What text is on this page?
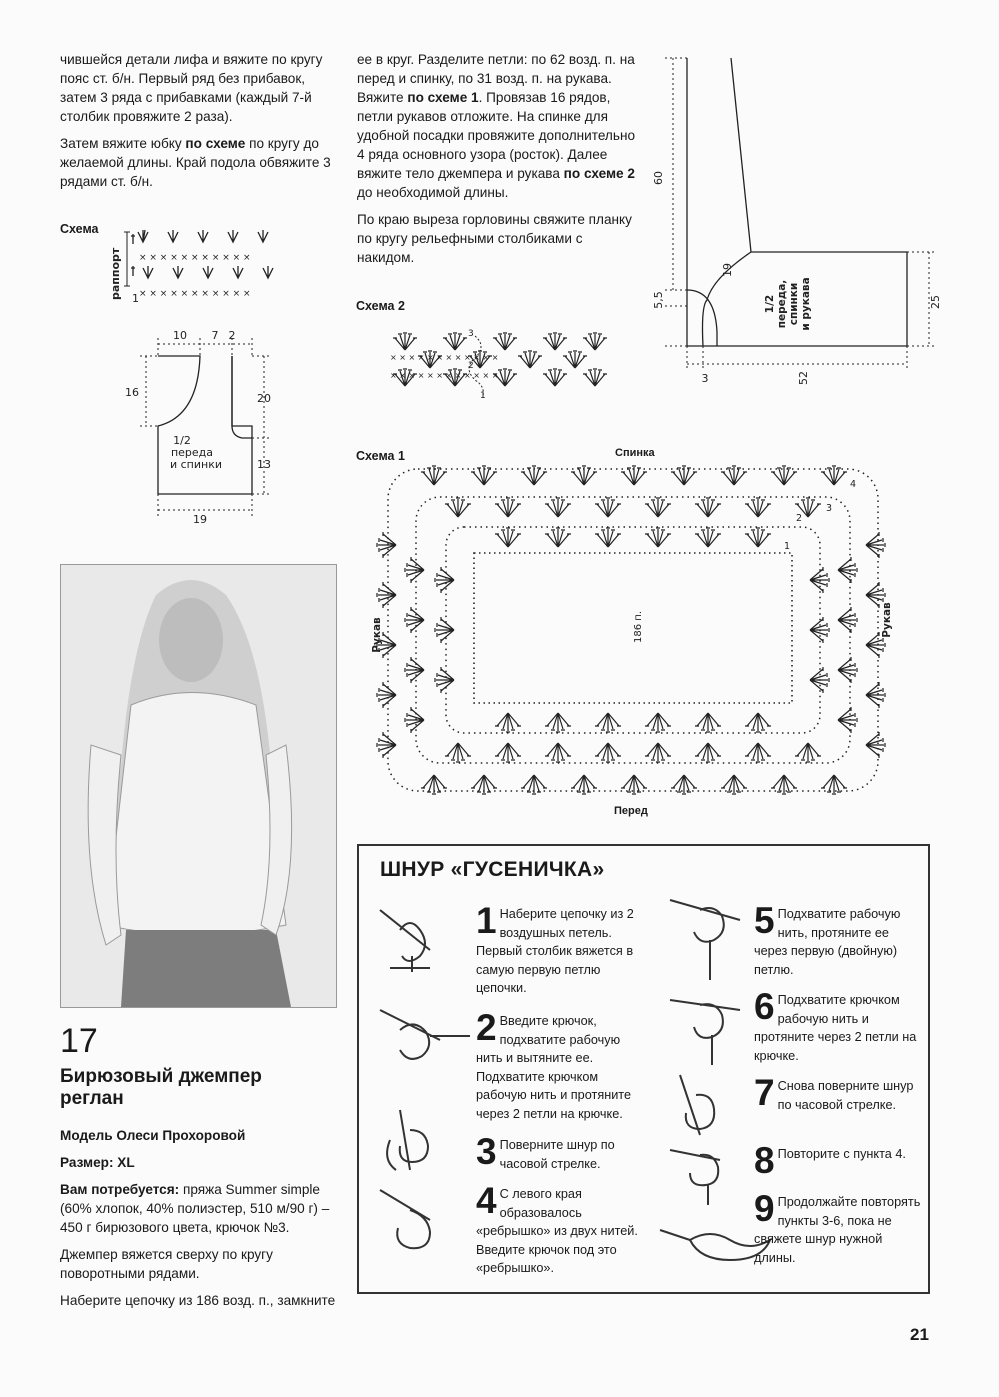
чившейся детали лифа и вяжите по кругу пояс ст. б/н. Первый ряд без прибавок, затем 3 ряда с прибавками (каждый 7-й столбик провяжите 2 раза).

Затем вяжите юбку по схеме по кругу до желаемой длины. Край подола обвяжите 3 рядами ст. б/н.

ее в круг. Разделите петли: по 62 возд. п. на перед и спинку, по 31 возд. п. на рукава. Вяжите по схеме 1. Провязав 16 рядов, петли рукавов отложите. На спинке для удобной посадки провяжите дополнительно 4 ряда основного узора (росток). Далее вяжите тело джемпера и рукава по схеме 2 до необходимой длины.

По краю выреза горловины свяжите планку по кругу рельефными столбиками с накидом.

Схема
× × × × × × × × × × ×
× × × × × × × × × × ×
1
раппорт
10 7 2
16	20
13
19
1/2
переда
и спинки
60
19
5,5
3	52
25
1/2 переда, спинки и рукава
Схема 2
× × × × × × × × × × × ×
× × × × × × × × × × × ×
3
2
1
Схема 1	Спинка
Перед
186 п.
1
2
3
4
Рукав	Рукав
17
Бирюзовый джемпер реглан

Модель Олеси Прохоровой

Размер: XL

Вам потребуется: пряжа Summer simple (60% хлопок, 40% полиэстер, 510 м/90 г) – 450 г бирюзового цвета, крючок №3.

Джемпер вяжется сверху по кругу поворотными рядами.

Наберите цепочку из 186 возд. п., замкните

ШНУР «ГУСЕНИЧКА»
1 Наберите цепочку из 2 воздушных петель. Первый столбик вяжется в самую первую петлю цепочки.
2 Введите крючок, подхватите рабочую нить и вытяните ее. Подхватите крючком рабочую нить и протяните через 2 петли на крючке.
3 Поверните шнур по часовой стрелке.
4 С левого края образовалось «ребрышко» из двух нитей. Введите крючок под это «ребрышко».
5 Подхватите рабочую нить, протяните ее через первую (двойную) петлю.
6 Подхватите крючком рабочую нить и протяните через 2 петли на крючке.
7 Снова поверните шнур по часовой стрелке.
8 Повторите с пункта 4.
9 Продолжайте повторять пункты 3-6, пока не свяжете шнур нужной длины.
21
